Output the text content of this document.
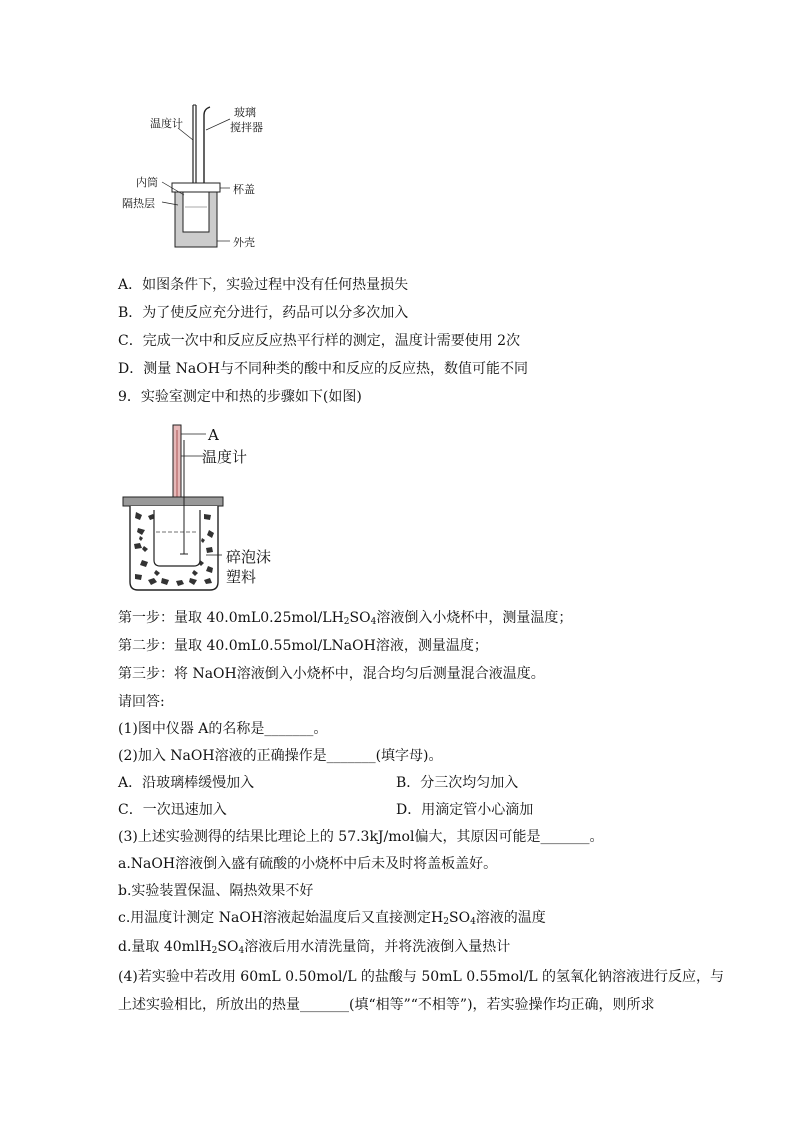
温度计
玻璃
搅拌器
内筒
隔热层
杯盖
外壳
A．如图条件下，实验过程中没有任何热量损失
B．为了使反应充分进行，药品可以分多次加入
C．完成一次中和反应反应热平行样的测定，温度计需要使用 2次
D．测量 NaOH与不同种类的酸中和反应的反应热，数值可能不同
9．实验室测定中和热的步骤如下(如图)
A
温度计
碎泡沫
塑料
第一步：量取 $40.0mL0.25mol/LH_2SO_4$溶液倒入小烧杯中，测量温度；
第二步：量取 40.0mL0.55mol/LNaOH溶液，测量温度；
第三步：将 NaOH溶液倒入小烧杯中，混合均匀后测量混合液温度。
请回答:
(1)图中仪器 A的名称是_______。
(2)加入 NaOH溶液的正确操作是_______(填字母)。
A．沿玻璃棒缓慢加入	B．分三次均匀加入
C．一次迅速加入	D．用滴定管小心滴加
(3)上述实验测得的结果比理论上的 57.3kJ/mol偏大，其原因可能是_______。
a.NaOH溶液倒入盛有硫酸的小烧杯中后未及时将盖板盖好。
b.实验装置保温、隔热效果不好
c.用温度计测定 NaOH溶液起始温度后又直接测定$H_2SO_4$溶液的温度
d.量取 $40mlH_2SO_4$溶液后用水清洗量筒，并将洗液倒入量热计
(4)若实验中若改用 60mL 0.50mol/L 的盐酸与 50mL 0.55mol/L 的氢氧化钠溶液进行反应，与
上述实验相比，所放出的热量_______(填“相等”“不相等”)，若实验操作均正确，则所求
